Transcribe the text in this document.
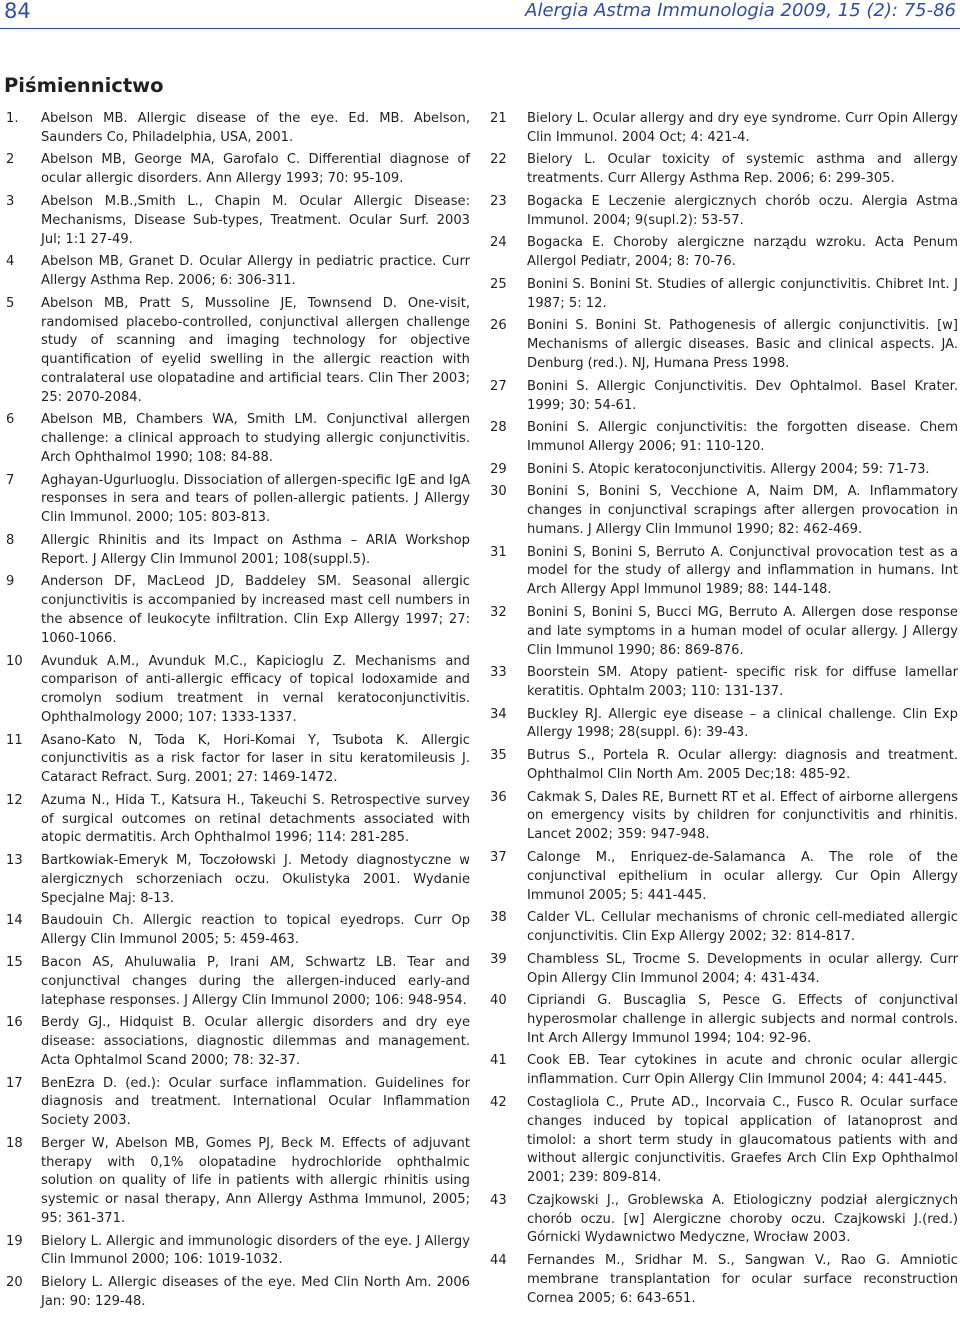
84	Alergia Astma Immunologia 2009, 15 (2): 75-86
Piśmiennictwo
1. Abelson MB. Allergic disease of the eye. Ed. MB. Abelson, Saunders Co, Philadelphia, USA, 2001.
2 Abelson MB, George MA, Garofalo C. Differential diagnose of ocular allergic disorders. Ann Allergy 1993; 70: 95-109.
3 Abelson M.B.,Smith L., Chapin M. Ocular Allergic Disease: Mechanisms, Disease Sub-types, Treatment. Ocular Surf. 2003 Jul; 1:1 27-49.
4 Abelson MB, Granet D. Ocular Allergy in pediatric practice. Curr Allergy Asthma Rep. 2006; 6: 306-311.
5 Abelson MB, Pratt S, Mussoline JE, Townsend D. One-visit, randomised placebo-controlled, conjunctival allergen challenge study of scanning and imaging technology for objective quantification of eyelid swelling in the allergic reaction with contralateral use olopatadine and artificial tears. Clin Ther 2003; 25: 2070-2084.
6 Abelson MB, Chambers WA, Smith LM. Conjunctival allergen challenge: a clinical approach to studying allergic conjunctivitis. Arch Ophthalmol 1990; 108: 84-88.
7 Aghayan-Ugurluoglu. Dissociation of allergen-specific IgE and IgA responses in sera and tears of pollen-allergic patients. J Allergy Clin Immunol. 2000; 105: 803-813.
8 Allergic Rhinitis and its Impact on Asthma – ARIA Workshop Report. J Allergy Clin Immunol 2001; 108(suppl.5).
9 Anderson DF, MacLeod JD, Baddeley SM. Seasonal allergic conjunctivitis is accompanied by increased mast cell numbers in the absence of leukocyte infiltration. Clin Exp Allergy 1997; 27: 1060-1066.
10 Avunduk A.M., Avunduk M.C., Kapicioglu Z. Mechanisms and comparison of anti-allergic efficacy of topical lodoxamide and cromolyn sodium treatment in vernal keratoconjunctivitis. Ophthalmology 2000; 107: 1333-1337.
11 Asano-Kato N, Toda K, Hori-Komai Y, Tsubota K. Allergic conjunctivitis as a risk factor for laser in situ keratomileusis J. Cataract Refract. Surg. 2001; 27: 1469-1472.
12 Azuma N., Hida T., Katsura H., Takeuchi S. Retrospective survey of surgical outcomes on retinal detachments associated with atopic dermatitis. Arch Ophthalmol 1996; 114: 281-285.
13 Bartkowiak-Emeryk M, Toczołowski J. Metody diagnostyczne w alergicznych schorzeniach oczu. Okulistyka 2001. Wydanie Specjalne Maj: 8-13.
14 Baudouin Ch. Allergic reaction to topical eyedrops. Curr Op Allergy Clin Immunol 2005; 5: 459-463.
15 Bacon AS, Ahuluwalia P, Irani AM, Schwartz LB. Tear and conjunctival changes during the allergen-induced early-and latephase responses. J Allergy Clin Immunol 2000; 106: 948-954.
16 Berdy GJ., Hidquist B. Ocular allergic disorders and dry eye disease: associations, diagnostic dilemmas and management. Acta Ophtalmol Scand 2000; 78: 32-37.
17 BenEzra D. (ed.): Ocular surface inflammation. Guidelines for diagnosis and treatment. International Ocular Inflammation Society 2003.
18 Berger W, Abelson MB, Gomes PJ, Beck M. Effects of adjuvant therapy with 0,1% olopatadine hydrochloride ophthalmic solution on quality of life in patients with allergic rhinitis using systemic or nasal therapy, Ann Allergy Asthma Immunol, 2005; 95: 361-371.
19 Bielory L. Allergic and immunologic disorders of the eye. J Allergy Clin Immunol 2000; 106: 1019-1032.
20 Bielory L. Allergic diseases of the eye. Med Clin North Am. 2006 Jan: 90: 129-48.
21 Bielory L. Ocular allergy and dry eye syndrome. Curr Opin Allergy Clin Immunol. 2004 Oct; 4: 421-4.
22 Bielory L. Ocular toxicity of systemic asthma and allergy treatments. Curr Allergy Asthma Rep. 2006; 6: 299-305.
23 Bogacka E Leczenie alergicznych chorób oczu. Alergia Astma Immunol. 2004; 9(supl.2): 53-57.
24 Bogacka E. Choroby alergiczne narządu wzroku. Acta Penum Allergol Pediatr, 2004; 8: 70-76.
25 Bonini S. Bonini St. Studies of allergic conjunctivitis. Chibret Int. J 1987; 5: 12.
26 Bonini S. Bonini St. Pathogenesis of allergic conjunctivitis. [w] Mechanisms of allergic diseases. Basic and clinical aspects. JA. Denburg (red.). NJ, Humana Press 1998.
27 Bonini S. Allergic Conjunctivitis. Dev Ophtalmol. Basel Krater. 1999; 30: 54-61.
28 Bonini S. Allergic conjunctivitis: the forgotten disease. Chem Immunol Allergy 2006; 91: 110-120.
29 Bonini S. Atopic keratoconjunctivitis. Allergy 2004; 59: 71-73.
30 Bonini S, Bonini S, Vecchione A, Naim DM, A. Inflammatory changes in conjunctival scrapings after allergen provocation in humans. J Allergy Clin Immunol 1990; 82: 462-469.
31 Bonini S, Bonini S, Berruto A. Conjunctival provocation test as a model for the study of allergy and inflammation in humans. Int Arch Allergy Appl Immunol 1989; 88: 144-148.
32 Bonini S, Bonini S, Bucci MG, Berruto A. Allergen dose response and late symptoms in a human model of ocular allergy. J Allergy Clin Immunol 1990; 86: 869-876.
33 Boorstein SM. Atopy patient- specific risk for diffuse lamellar keratitis. Ophtalm 2003; 110: 131-137.
34 Buckley RJ. Allergic eye disease – a clinical challenge. Clin Exp Allergy 1998; 28(suppl. 6): 39-43.
35 Butrus S., Portela R. Ocular allergy: diagnosis and treatment. Ophthalmol Clin North Am. 2005 Dec;18: 485-92.
36 Cakmak S, Dales RE, Burnett RT et al. Effect of airborne allergens on emergency visits by children for conjunctivitis and rhinitis. Lancet 2002; 359: 947-948.
37 Calonge M., Enriquez-de-Salamanca A. The role of the conjunctival epithelium in ocular allergy. Cur Opin Allergy Immunol 2005; 5: 441-445.
38 Calder VL. Cellular mechanisms of chronic cell-mediated allergic conjunctivitis. Clin Exp Allergy 2002; 32: 814-817.
39 Chambless SL, Trocme S. Developments in ocular allergy. Curr Opin Allergy Clin Immunol 2004; 4: 431-434.
40 Cipriandi G. Buscaglia S, Pesce G. Effects of conjunctival hyperosmolar challenge in allergic subjects and normal controls. Int Arch Allergy Immunol 1994; 104: 92-96.
41 Cook EB. Tear cytokines in acute and chronic ocular allergic inflammation. Curr Opin Allergy Clin Immunol 2004; 4: 441-445.
42 Costagliola C., Prute AD., Incorvaia C., Fusco R. Ocular surface changes induced by topical application of latanoprost and timolol: a short term study in glaucomatous patients with and without allergic conjunctivitis. Graefes Arch Clin Exp Ophthalmol 2001; 239: 809-814.
43 Czajkowski J., Groblewska A. Etiologiczny podział alergicznych chorób oczu. [w] Alergiczne choroby oczu. Czajkowski J.(red.) Górnicki Wydawnictwo Medyczne, Wrocław 2003.
44 Fernandes M., Sridhar M. S., Sangwan V., Rao G. Amniotic membrane transplantation for ocular surface reconstruction Cornea 2005; 6: 643-651.
